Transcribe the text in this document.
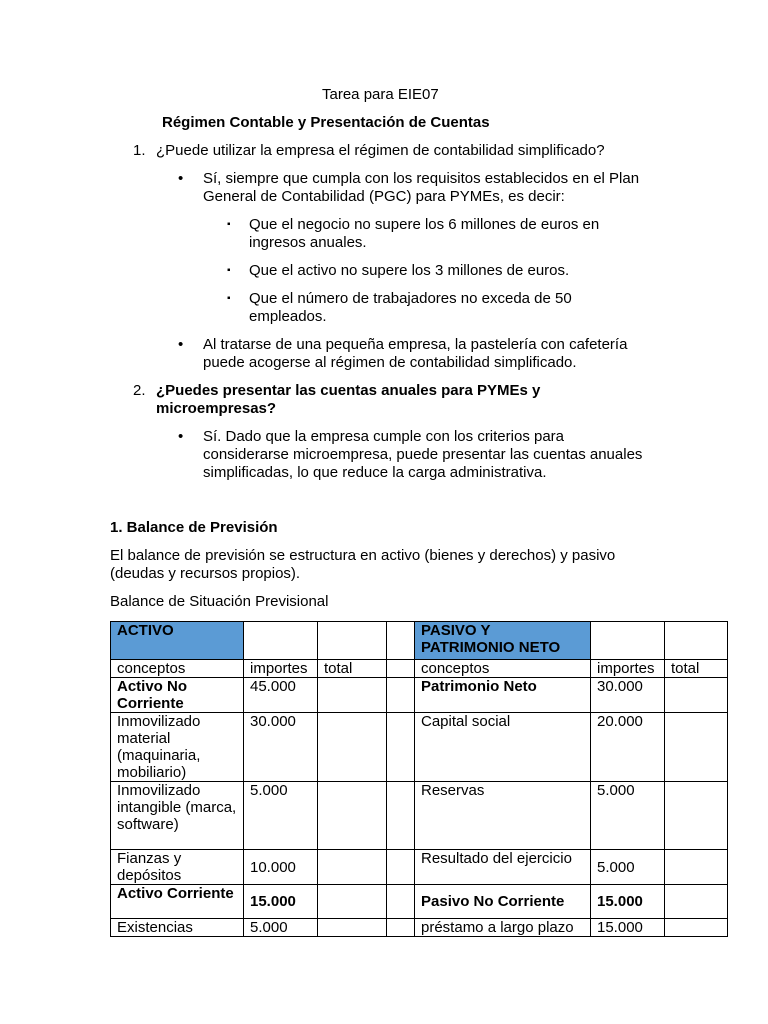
Tarea para EIE07
Régimen Contable y Presentación de Cuentas
1. ¿Puede utilizar la empresa el régimen de contabilidad simplificado?
• Sí, siempre que cumpla con los requisitos establecidos en el Plan
General de Contabilidad (PGC) para PYMEs, es decir:
▪ Que el negocio no supere los 6 millones de euros en
ingresos anuales.
▪ Que el activo no supere los 3 millones de euros.
▪ Que el número de trabajadores no exceda de 50
empleados.
• Al tratarse de una pequeña empresa, la pastelería con cafetería
puede acogerse al régimen de contabilidad simplificado.
2. ¿Puedes presentar las cuentas anuales para PYMEs y
microempresas?
• Sí. Dado que la empresa cumple con los criterios para
considerarse microempresa, puede presentar las cuentas anuales
simplificadas, lo que reduce la carga administrativa.
1. Balance de Previsión
El balance de previsión se estructura en activo (bienes y derechos) y pasivo
(deudas y recursos propios).
Balance de Situación Previsional
ACTIVO				PASIVO Y
PATRIMONIO NETO		
conceptos	importes	total		conceptos	importes	total
Activo No Corriente	45.000			Patrimonio Neto	30.000	
Inmovilizado material (maquinaria, mobiliario)	30.000			Capital social	20.000	
Inmovilizado intangible (marca, software)	5.000			Reservas	5.000	
Fianzas y depósitos	10.000			Resultado del ejercicio	5.000	
Activo Corriente	15.000			Pasivo No Corriente	15.000	
Existencias	5.000			préstamo a largo plazo	15.000	
